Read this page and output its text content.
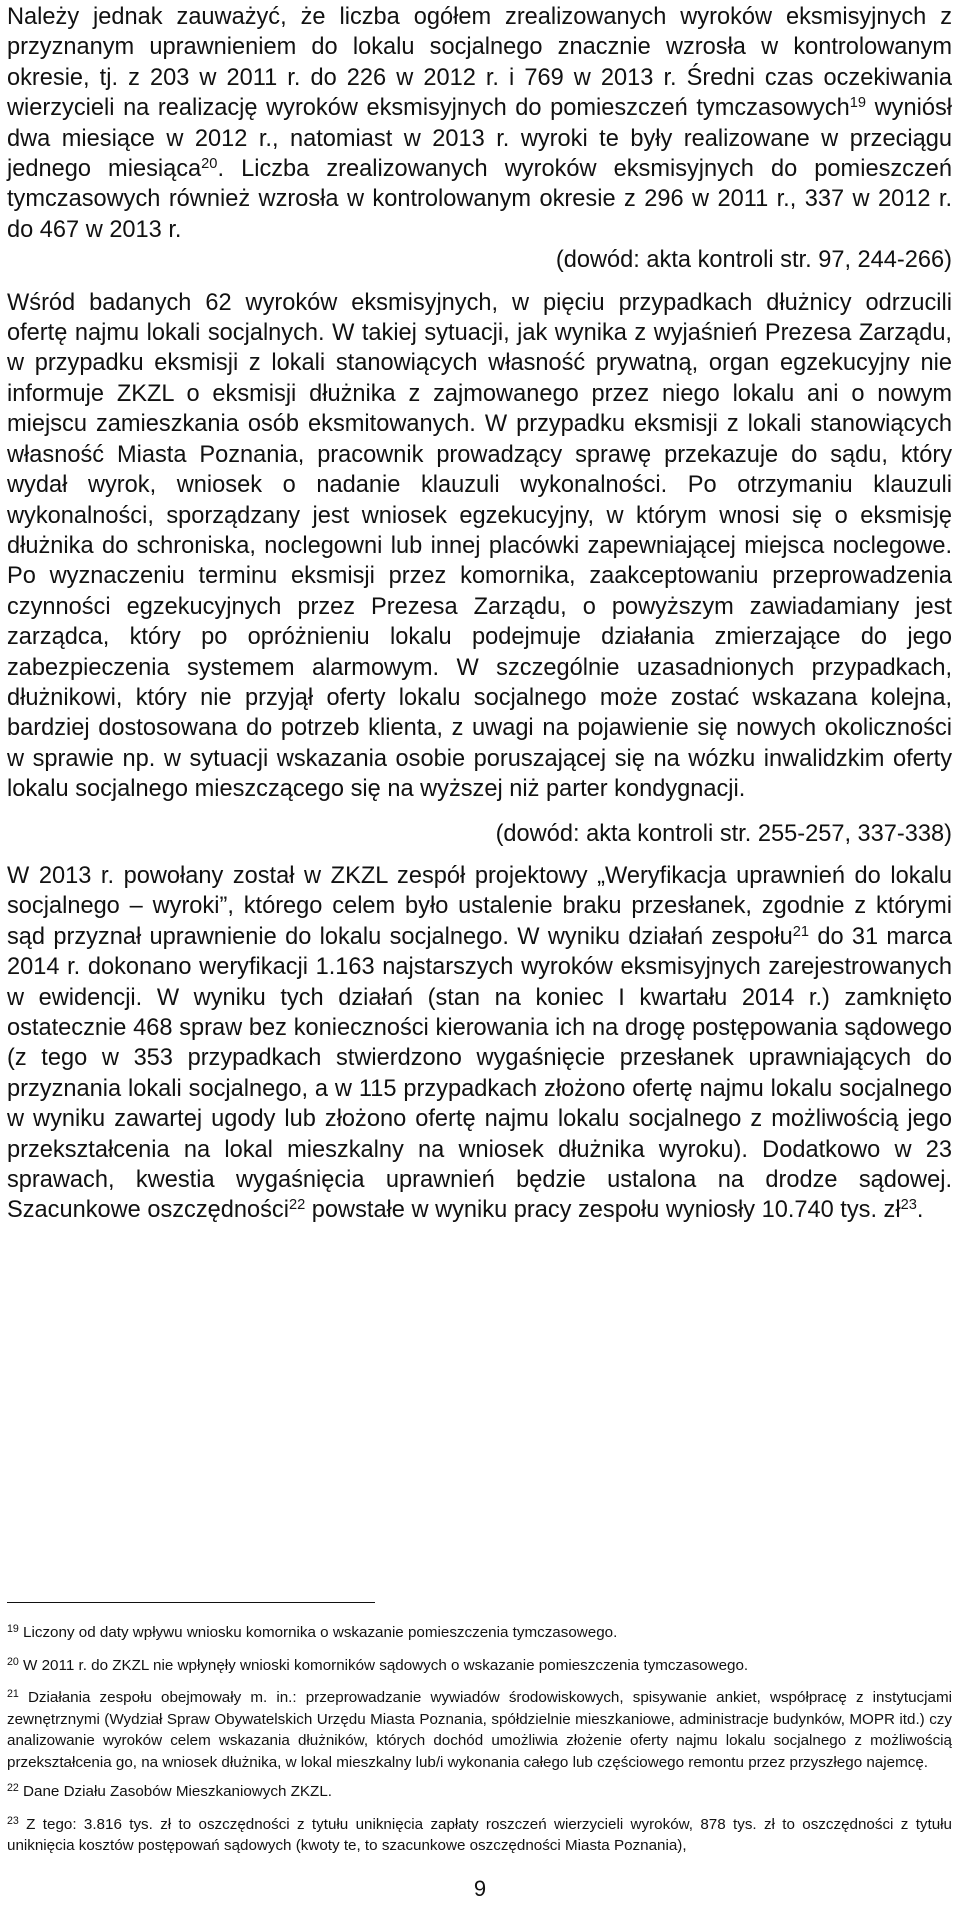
Należy jednak zauważyć, że liczba ogółem zrealizowanych wyroków eksmisyjnych z przyznanym uprawnieniem do lokalu socjalnego znacznie wzrosła w kontrolowanym okresie, tj. z 203 w 2011 r. do 226 w 2012 r. i 769 w 2013 r. Średni czas oczekiwania wierzycieli na realizację wyroków eksmisyjnych do pomieszczeń tymczasowych$^{19}$ wyniósł dwa miesiące w 2012 r., natomiast w 2013 r. wyroki te były realizowane w przeciągu jednego miesiąca$^{20}$. Liczba zrealizowanych wyroków eksmisyjnych do pomieszczeń tymczasowych również wzrosła w kontrolowanym okresie z 296 w 2011 r., 337 w 2012 r. do 467 w 2013 r.

(dowód: akta kontroli str. 97, 244-266)

Wśród badanych 62 wyroków eksmisyjnych, w pięciu przypadkach dłużnicy odrzucili ofertę najmu lokali socjalnych. W takiej sytuacji, jak wynika z wyjaśnień Prezesa Zarządu, w przypadku eksmisji z lokali stanowiących własność prywatną, organ egzekucyjny nie informuje ZKZL o eksmisji dłużnika z zajmowanego przez niego lokalu ani o nowym miejscu zamieszkania osób eksmitowanych. W przypadku eksmisji z lokali stanowiących własność Miasta Poznania, pracownik prowadzący sprawę przekazuje do sądu, który wydał wyrok, wniosek o nadanie klauzuli wykonalności. Po otrzymaniu klauzuli wykonalności, sporządzany jest wniosek egzekucyjny, w którym wnosi się o eksmisję dłużnika do schroniska, noclegowni lub innej placówki zapewniającej miejsca noclegowe. Po wyznaczeniu terminu eksmisji przez komornika, zaakceptowaniu przeprowadzenia czynności egzekucyjnych przez Prezesa Zarządu, o powyższym zawiadamiany jest zarządca, który po opróżnieniu lokalu podejmuje działania zmierzające do jego zabezpieczenia systemem alarmowym. W szczególnie uzasadnionych przypadkach, dłużnikowi, który nie przyjął oferty lokalu socjalnego może zostać wskazana kolejna, bardziej dostosowana do potrzeb klienta, z uwagi na pojawienie się nowych okoliczności w sprawie np. w sytuacji wskazania osobie poruszającej się na wózku inwalidzkim oferty lokalu socjalnego mieszczącego się na wyższej niż parter kondygnacji.

(dowód: akta kontroli str. 255-257, 337-338)

W 2013 r. powołany został w ZKZL zespół projektowy „Weryfikacja uprawnień do lokalu socjalnego – wyroki”, którego celem było ustalenie braku przesłanek, zgodnie z którymi sąd przyznał uprawnienie do lokalu socjalnego. W wyniku działań zespołu$^{21}$ do 31 marca 2014 r. dokonano weryfikacji 1.163 najstarszych wyroków eksmisyjnych zarejestrowanych w ewidencji. W wyniku tych działań (stan na koniec I kwartału 2014 r.) zamknięto ostatecznie 468 spraw bez konieczności kierowania ich na drogę postępowania sądowego (z tego w 353 przypadkach stwierdzono wygaśnięcie przesłanek uprawniających do przyznania lokali socjalnego, a w 115 przypadkach złożono ofertę najmu lokalu socjalnego w wyniku zawartej ugody lub złożono ofertę najmu lokalu socjalnego z możliwością jego przekształcenia na lokal mieszkalny na wniosek dłużnika wyroku). Dodatkowo w 23 sprawach, kwestia wygaśnięcia uprawnień będzie ustalona na drodze sądowej. Szacunkowe oszczędności$^{22}$ powstałe w wyniku pracy zespołu wyniosły 10.740 tys. $zł^{23}$.

$^{19}$ Liczony od daty wpływu wniosku komornika o wskazanie pomieszczenia tymczasowego.

$^{20}$ W 2011 r. do ZKZL nie wpłynęły wnioski komorników sądowych o wskazanie pomieszczenia tymczasowego.

$^{21}$ Działania zespołu obejmowały m. in.: przeprowadzanie wywiadów środowiskowych, spisywanie ankiet, współpracę z instytucjami zewnętrznymi (Wydział Spraw Obywatelskich Urzędu Miasta Poznania, spółdzielnie mieszkaniowe, administracje budynków, MOPR itd.) czy analizowanie wyroków celem wskazania dłużników, których dochód umożliwia złożenie oferty najmu lokalu socjalnego z możliwością przekształcenia go, na wniosek dłużnika, w lokal mieszkalny lub/i wykonania całego lub częściowego remontu przez przyszłego najemcę.

$^{22}$ Dane Działu Zasobów Mieszkaniowych ZKZL.

$^{23}$ Z tego: 3.816 tys. zł to oszczędności z tytułu uniknięcia zapłaty roszczeń wierzycieli wyroków, 878 tys. zł to oszczędności z tytułu uniknięcia kosztów postępowań sądowych (kwoty te, to szacunkowe oszczędności Miasta Poznania),

9
